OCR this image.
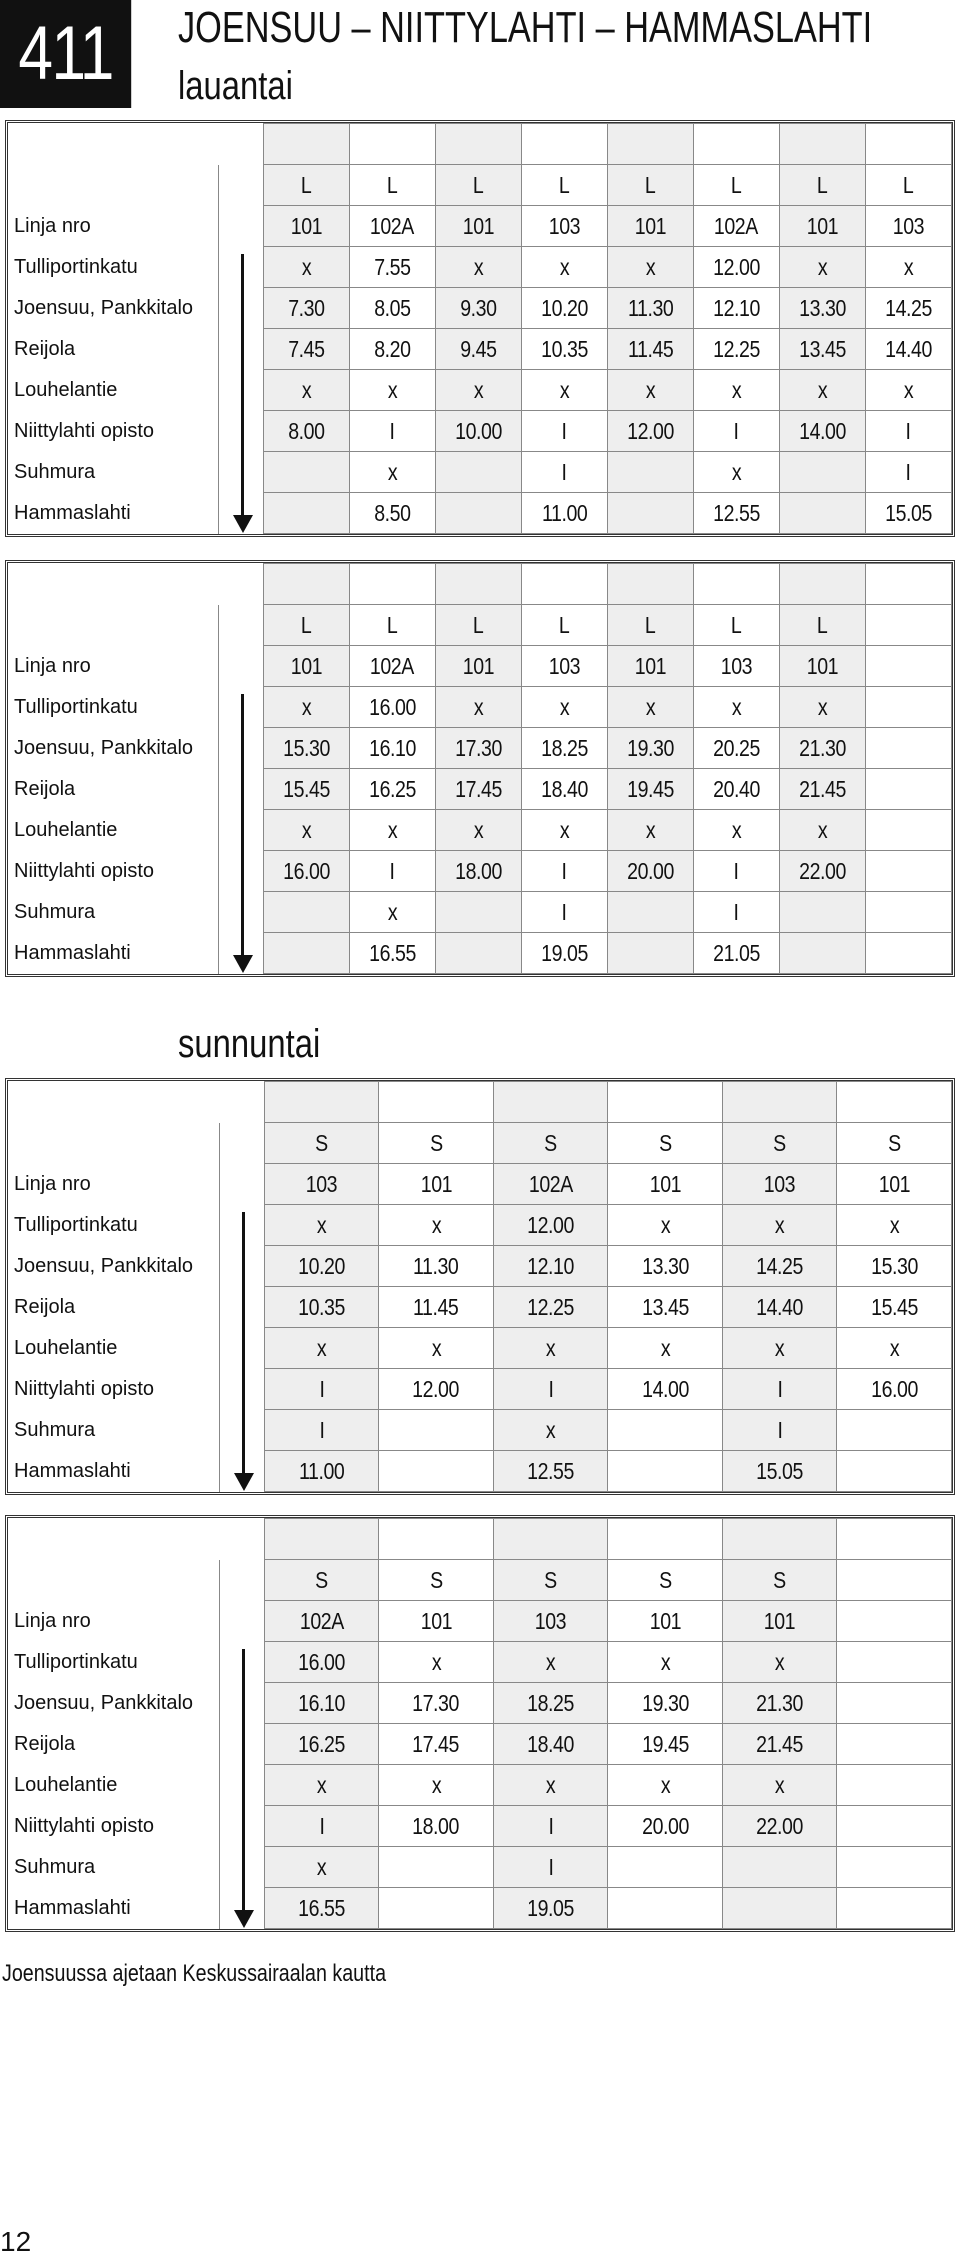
411	JOENSUU – NIITTYLAHTI – HAMMASLAHTI
lauantai

		L	L	L	L	L	L	L	L
Linja nro		101	102A	101	103	101	102A	101	103
Tulliportinkatu		x	7.55	x	x	x	12.00	x	x
Joensuu, Pankkitalo		7.30	8.05	9.30	10.20	11.30	12.10	13.30	14.25
Reijola		7.45	8.20	9.45	10.35	11.45	12.25	13.45	14.40
Louhelantie		x	x	x	x	x	x	x	x
Niittylahti opisto		8.00	I	10.00	I	12.00	I	14.00	I
Suhmura			x		I		x		I
Hammaslahti			8.50		11.00		12.55		15.05

		L	L	L	L	L	L	L	
Linja nro		101	102A	101	103	101	103	101	
Tulliportinkatu		x	16.00	x	x	x	x	x	
Joensuu, Pankkitalo		15.30	16.10	17.30	18.25	19.30	20.25	21.30	
Reijola		15.45	16.25	17.45	18.40	19.45	20.40	21.45	
Louhelantie		x	x	x	x	x	x	x	
Niittylahti opisto		16.00	I	18.00	I	20.00	I	22.00	
Suhmura			x		I		I		
Hammaslahti			16.55		19.05		21.05		
sunnuntai

		S	S	S	S	S	S
Linja nro		103	101	102A	101	103	101
Tulliportinkatu		x	x	12.00	x	x	x
Joensuu, Pankkitalo		10.20	11.30	12.10	13.30	14.25	15.30
Reijola		10.35	11.45	12.25	13.45	14.40	15.45
Louhelantie		x	x	x	x	x	x
Niittylahti opisto		I	12.00	I	14.00	I	16.00
Suhmura		I		x		I	
Hammaslahti		11.00		12.55		15.05	

		S	S	S	S	S	
Linja nro		102A	101	103	101	101	
Tulliportinkatu		16.00	x	x	x	x	
Joensuu, Pankkitalo		16.10	17.30	18.25	19.30	21.30	
Reijola		16.25	17.45	18.40	19.45	21.45	
Louhelantie		x	x	x	x	x	
Niittylahti opisto		I	18.00	I	20.00	22.00	
Suhmura		x		I			
Hammaslahti		16.55		19.05			
Joensuussa ajetaan Keskussairaalan kautta
12
